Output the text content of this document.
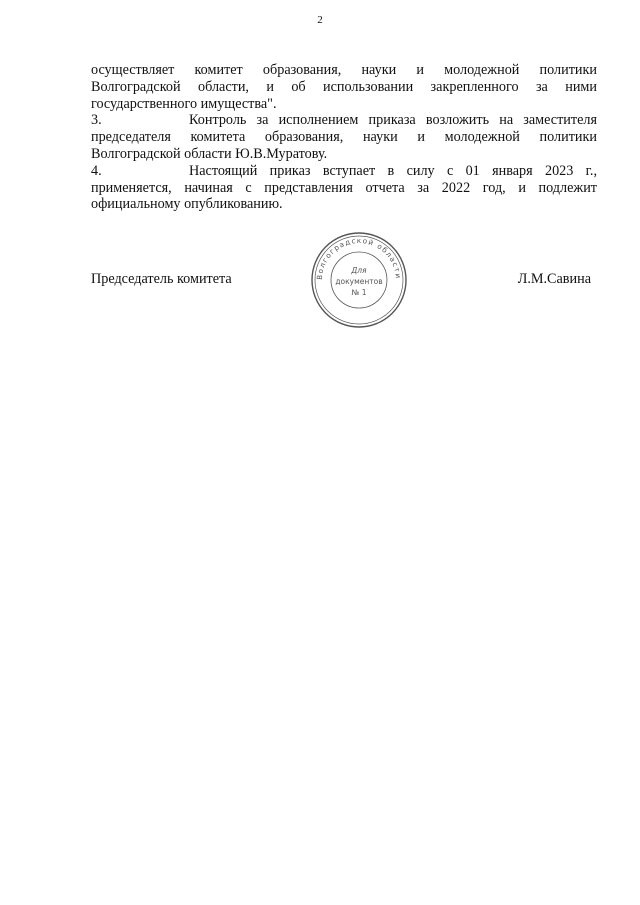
2

осуществляет комитет образования, науки и молодежной политики
Волгоградской области, и об использовании закрепленного за ними
государственного имущества".

3.	Контроль за исполнением приказа возложить на заместителя
председателя комитета образования, науки и молодежной политики
Волгоградской области Ю.В.Муратову.

4.	Настоящий приказ вступает в силу с 01 января 2023 г.,
применяется, начиная с представления отчета за 2022 год, и подлежит
официальному опубликованию.

Волгоградской области
Для
документов
№ 1
Председатель комитета	Л.М.Савина
